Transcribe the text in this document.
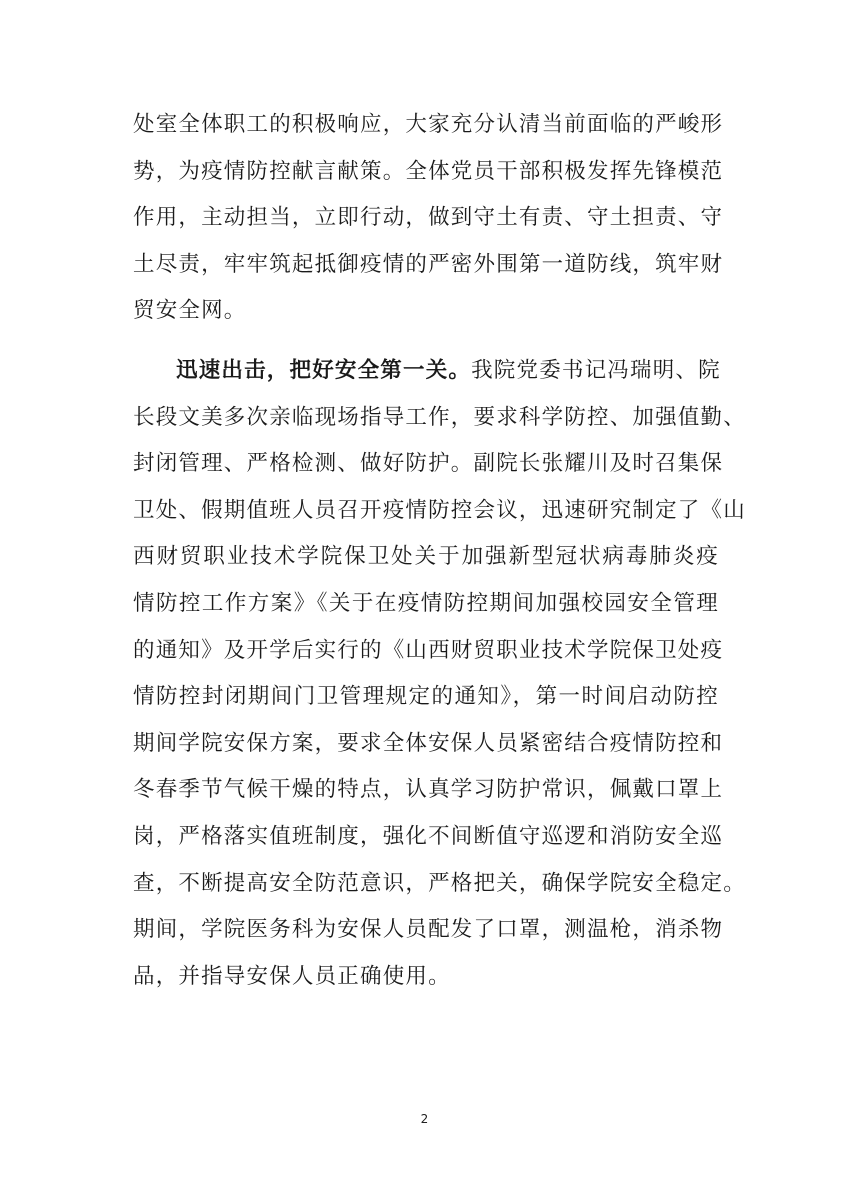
处室全体职工的积极响应，大家充分认清当前面临的严峻形
势，为疫情防控献言献策。全体党员干部积极发挥先锋模范
作用，主动担当，立即行动，做到守土有责、守土担责、守
土尽责，牢牢筑起抵御疫情的严密外围第一道防线，筑牢财
贸安全网。
迅速出击，把好安全第一关。我院党委书记冯瑞明、院
长段文美多次亲临现场指导工作，要求科学防控、加强值勤、
封闭管理、严格检测、做好防护。副院长张耀川及时召集保
卫处、假期值班人员召开疫情防控会议，迅速研究制定了《山
西财贸职业技术学院保卫处关于加强新型冠状病毒肺炎疫
情防控工作方案》《关于在疫情防控期间加强校园安全管理
的通知》及开学后实行的《山西财贸职业技术学院保卫处疫
情防控封闭期间门卫管理规定的通知》，第一时间启动防控
期间学院安保方案，要求全体安保人员紧密结合疫情防控和
冬春季节气候干燥的特点，认真学习防护常识，佩戴口罩上
岗，严格落实值班制度，强化不间断值守巡逻和消防安全巡
查，不断提高安全防范意识，严格把关，确保学院安全稳定。
期间，学院医务科为安保人员配发了口罩，测温枪，消杀物
品，并指导安保人员正确使用。
2
